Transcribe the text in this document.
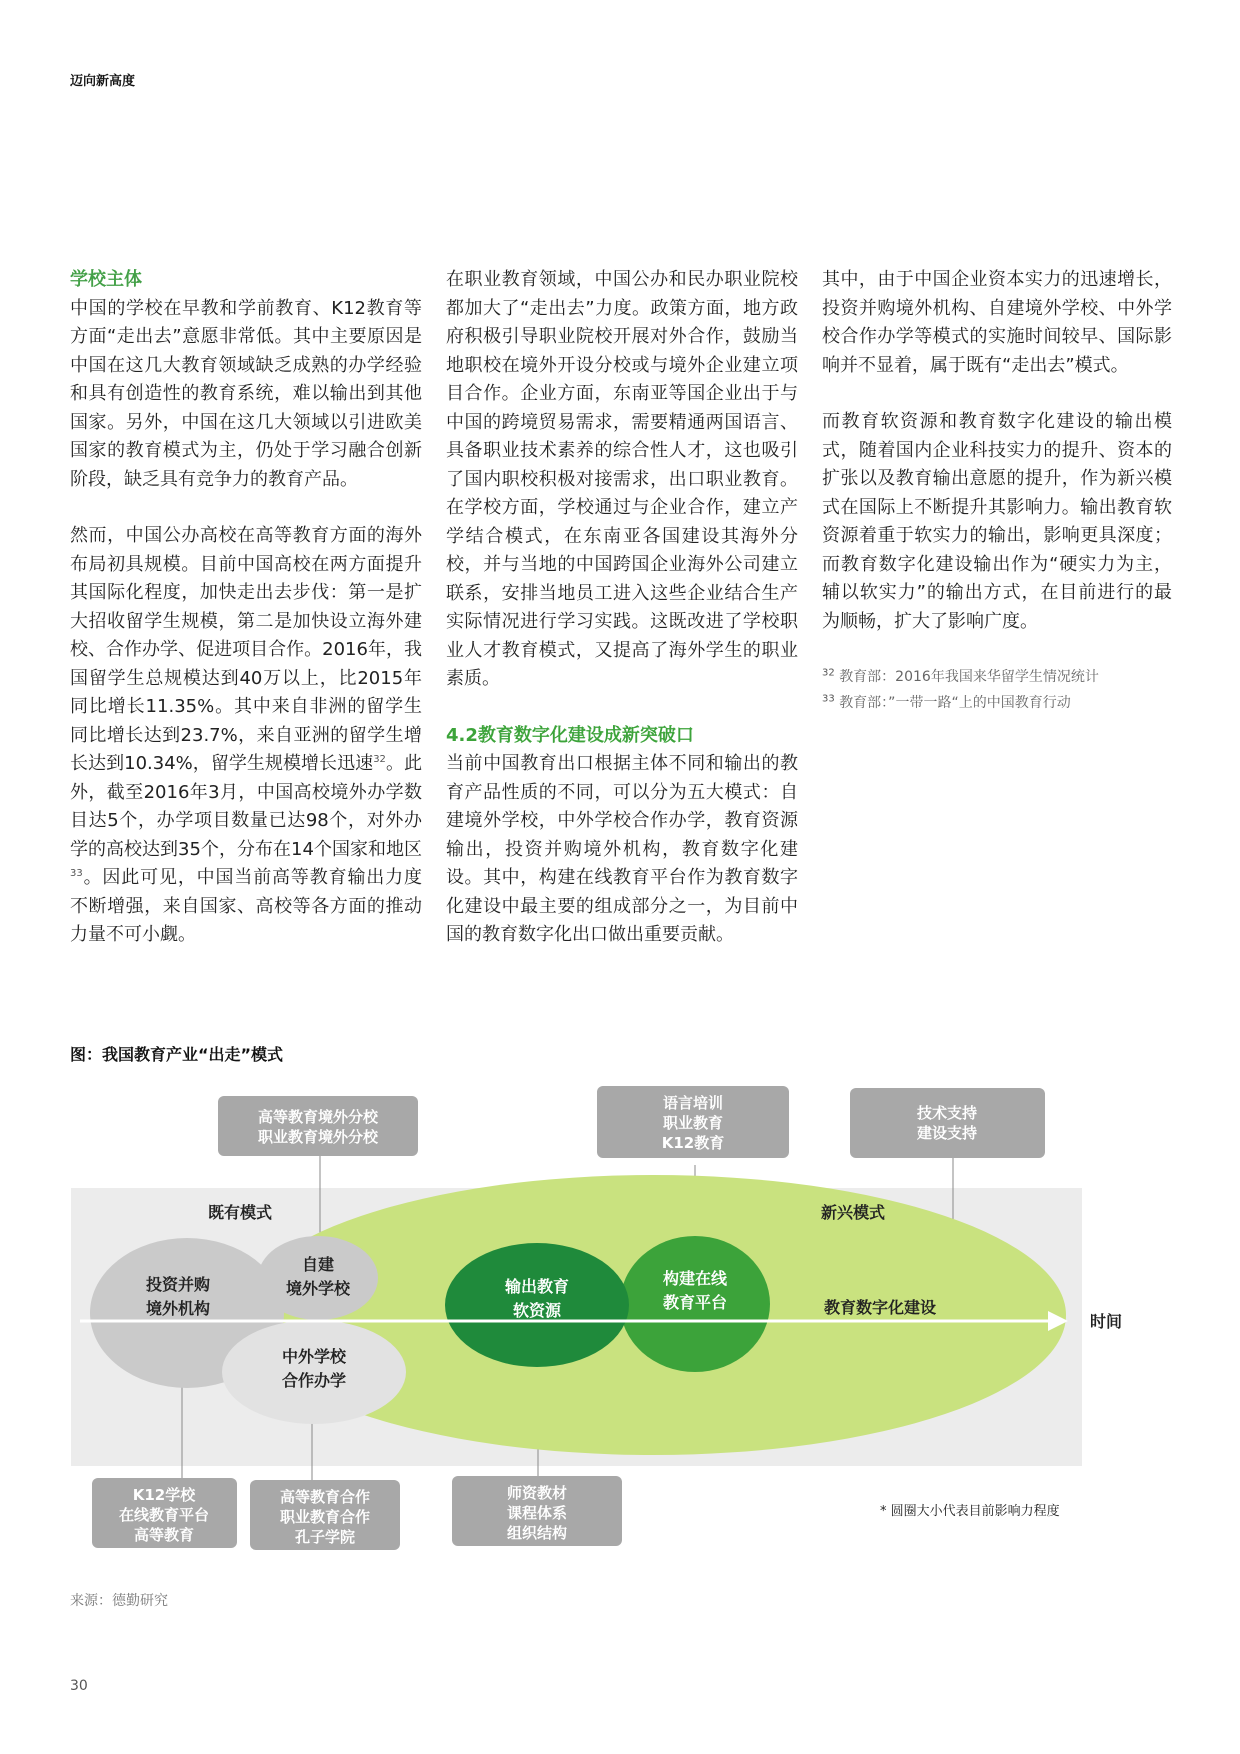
迈向新高度
学校主体

中国的学校在早教和学前教育、K12教育等方面“走出去”意愿非常低。其中主要原因是中国在这几大教育领域缺乏成熟的办学经验和具有创造性的教育系统，难以输出到其他国家。另外，中国在这几大领域以引进欧美国家的教育模式为主，仍处于学习融合创新阶段，缺乏具有竞争力的教育产品。

然而，中国公办高校在高等教育方面的海外布局初具规模。目前中国高校在两方面提升其国际化程度，加快走出去步伐：第一是扩大招收留学生规模，第二是加快设立海外建校、合作办学、促进项目合作。2016年，我国留学生总规模达到40万以上，比2015年同比增长11.35%。其中来自非洲的留学生同比增长达到23.7%，来自亚洲的留学生增长达到10.34%，留学生规模增长迅速$^{32}$。此外，截至2016年3月，中国高校境外办学数目达5个，办学项目数量已达98个，对外办学的高校达到35个，分布在14个国家和地区$^{33}$。因此可见，中国当前高等教育输出力度不断增强，来自国家、高校等各方面的推动力量不可小觑。

在职业教育领域，中国公办和民办职业院校都加大了“走出去”力度。政策方面，地方政府积极引导职业院校开展对外合作，鼓励当地职校在境外开设分校或与境外企业建立项目合作。企业方面，东南亚等国企业出于与中国的跨境贸易需求，需要精通两国语言、具备职业技术素养的综合性人才，这也吸引了国内职校积极对接需求，出口职业教育。在学校方面，学校通过与企业合作，建立产学结合模式，在东南亚各国建设其海外分校，并与当地的中国跨国企业海外公司建立联系，安排当地员工进入这些企业结合生产实际情况进行学习实践。这既改进了学校职业人才教育模式，又提高了海外学生的职业素质。

4.2教育数字化建设成新突破口

当前中国教育出口根据主体不同和输出的教育产品性质的不同，可以分为五大模式：自建境外学校，中外学校合作办学，教育资源输出，投资并购境外机构，教育数字化建设。其中，构建在线教育平台作为教育数字化建设中最主要的组成部分之一，为目前中国的教育数字化出口做出重要贡献。

其中，由于中国企业资本实力的迅速增长，投资并购境外机构、自建境外学校、中外学校合作办学等模式的实施时间较早、国际影响并不显着，属于既有“走出去”模式。

而教育软资源和教育数字化建设的输出模式，随着国内企业科技实力的提升、资本的扩张以及教育输出意愿的提升，作为新兴模式在国际上不断提升其影响力。输出教育软资源着重于软实力的输出，影响更具深度；而教育数字化建设输出作为“硬实力为主，辅以软实力”的输出方式，在目前进行的最为顺畅，扩大了影响广度。

$^{32}$ 教育部：2016年我国来华留学生情况统计
$^{33}$ 教育部：”一带一路“上的中国教育行动
图：我国教育产业“出走”模式
投资并购
境外机构
自建
境外学校
中外学校
合作办学
输出教育
软资源
构建在线
教育平台	教育数字化建设
既有模式	新兴模式
时间
高等教育境外分校
职业教育境外分校
语言培训
职业教育
K12教育
技术支持
建设支持
K12学校
在线教育平台
高等教育
高等教育合作
职业教育合作
孔子学院
师资教材
课程体系
组织结构
* 圆圈大小代表目前影响力程度
来源：德勤研究
30
